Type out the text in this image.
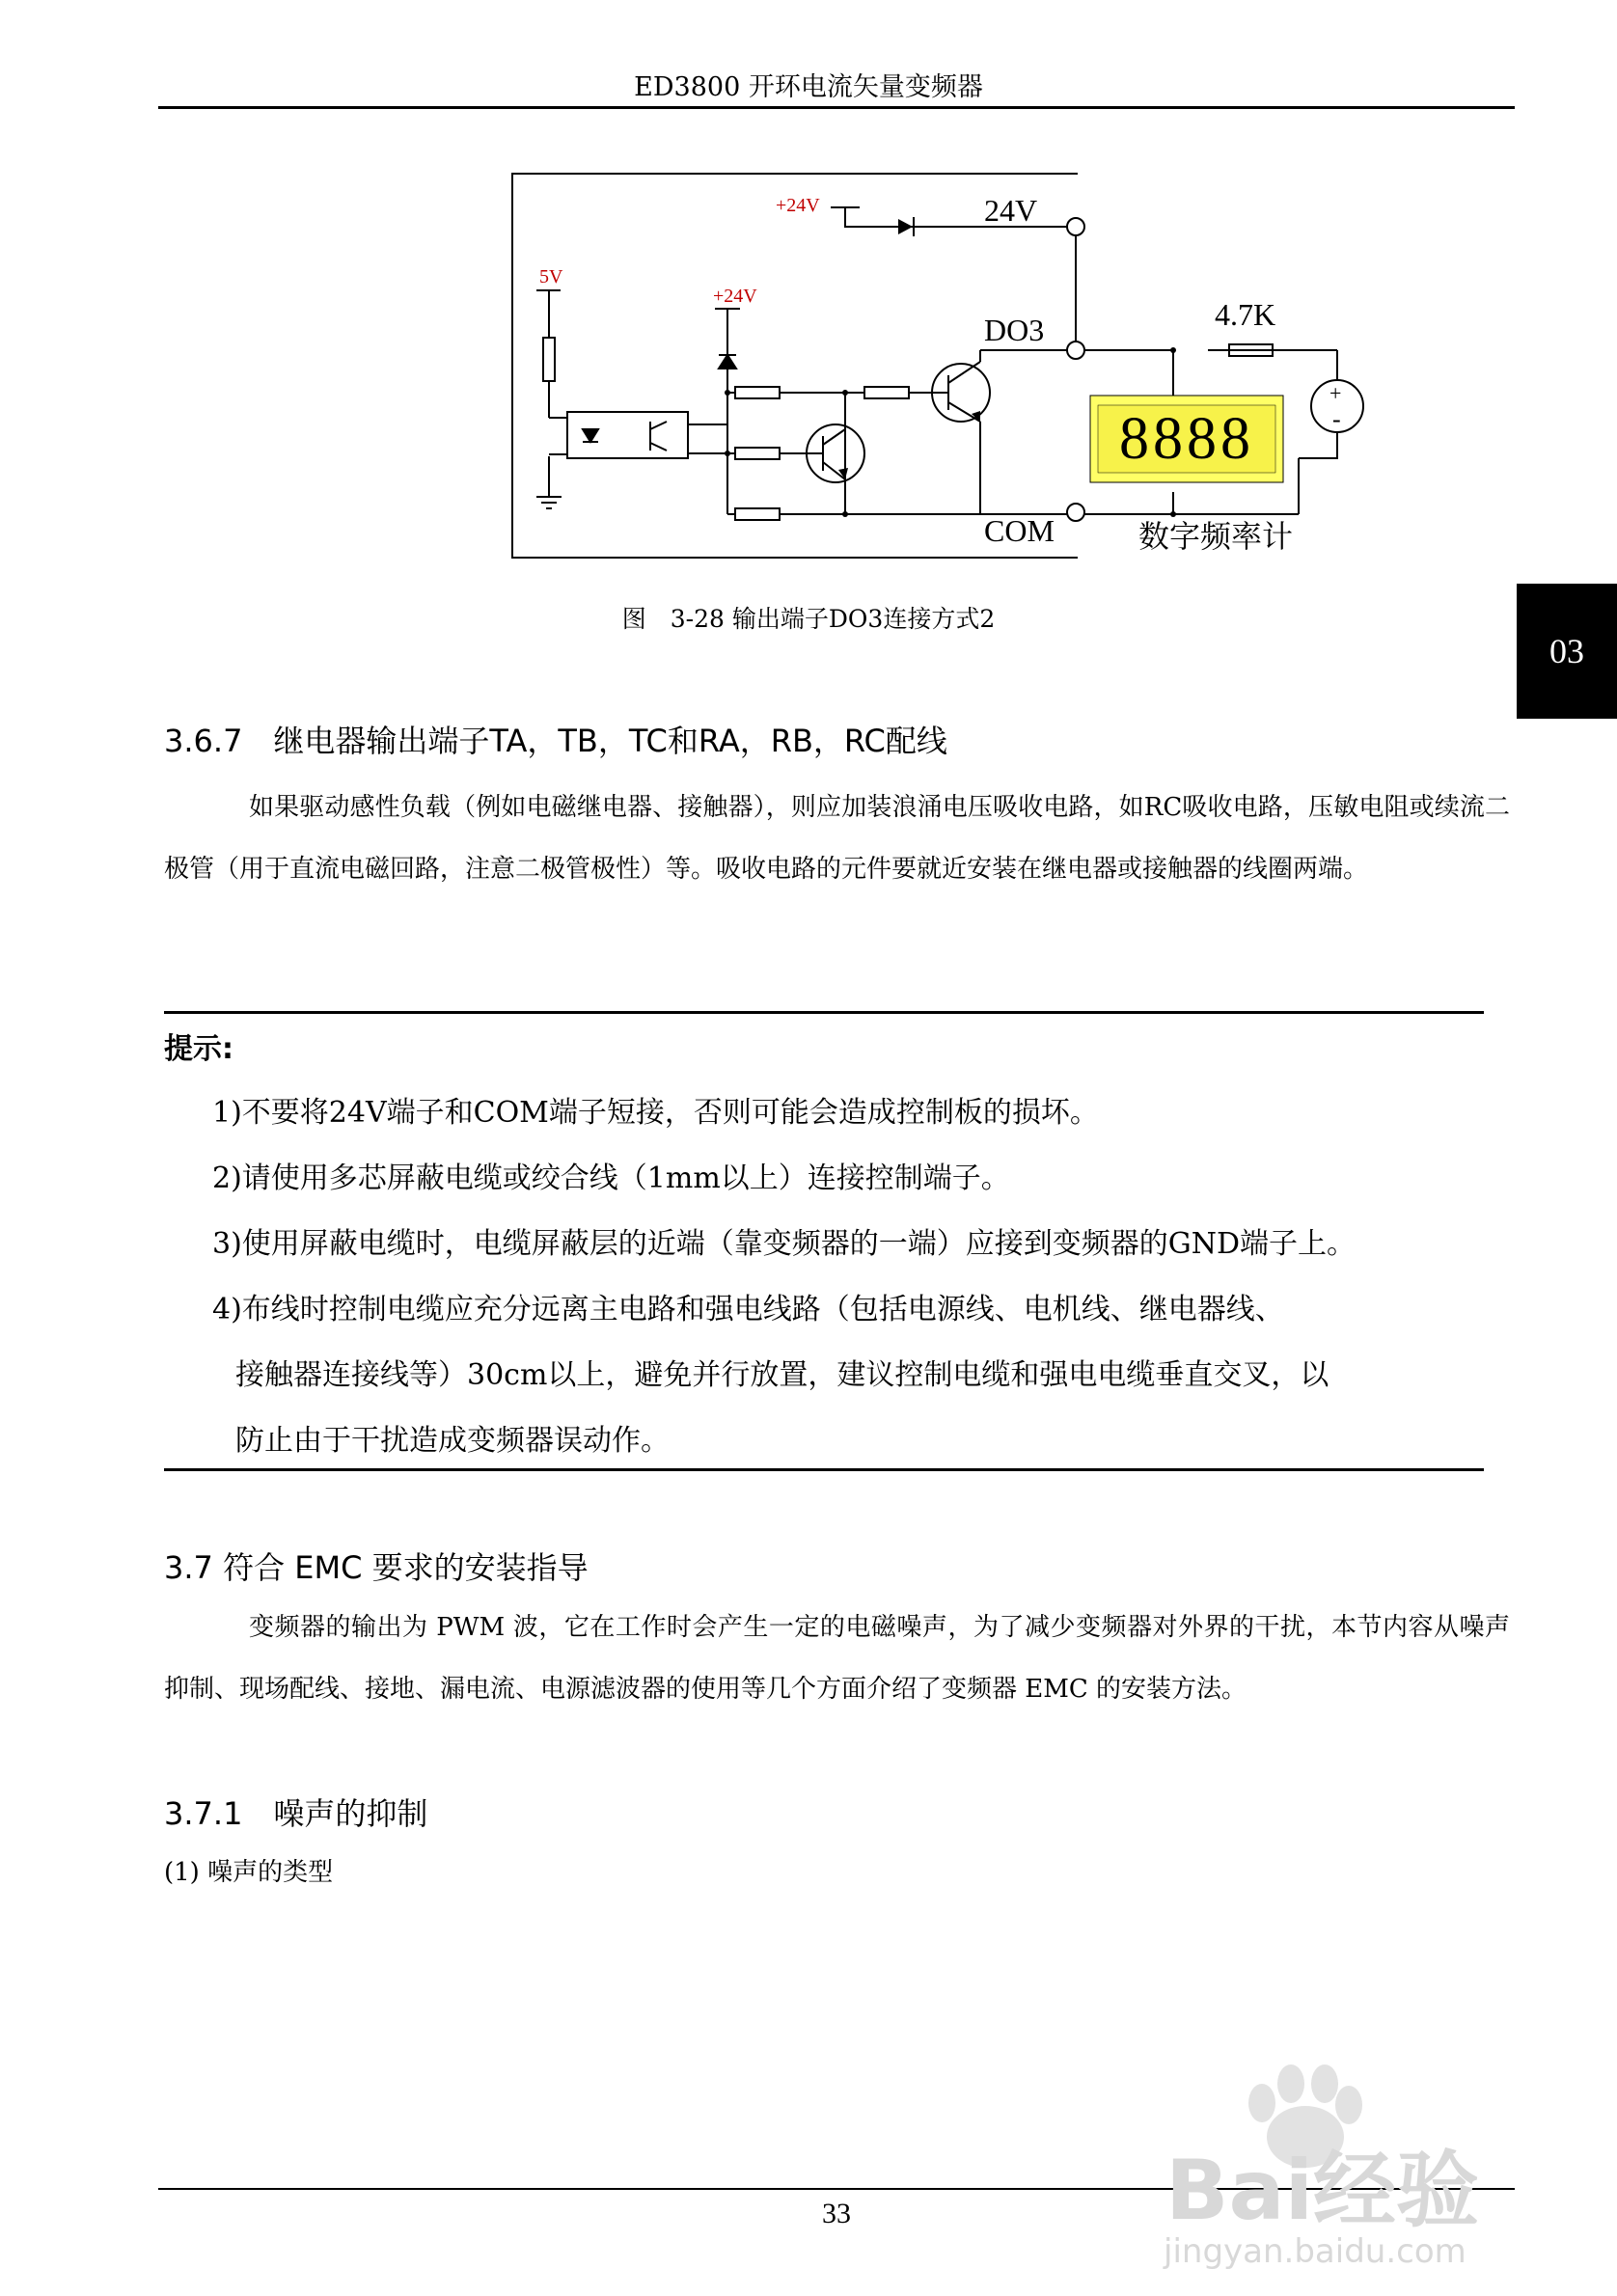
ED3800 开环电流矢量变频器
8888
+24V	24V
5V
+24V
DO3
COM
4.7K
数字频率计
+
-
图　3-28 输出端子DO3连接方式2
03
3.6.7　继电器输出端子TA，TB，TC和RA，RB，RC配线

如果驱动感性负载（例如电磁继电器、接触器），则应加装浪涌电压吸收电路，如RC吸收电路，压敏电阻或续流二极管（用于直流电磁回路，注意二极管极性）等。吸收电路的元件要就近安装在继电器或接触器的线圈两端。

提示:
1)不要将24V端子和COM端子短接，否则可能会造成控制板的损坏。
2)请使用多芯屏蔽电缆或绞合线（1mm以上）连接控制端子。
3)使用屏蔽电缆时，电缆屏蔽层的近端（靠变频器的一端）应接到变频器的GND端子上。
4)布线时控制电缆应充分远离主电路和强电线路（包括电源线、电机线、继电器线、
接触器连接线等）30cm以上，避免并行放置，建议控制电缆和强电电缆垂直交叉，以
防止由于干扰造成变频器误动作。
3.7 符合 EMC 要求的安装指导

变频器的输出为 PWM 波，它在工作时会产生一定的电磁噪声，为了减少变频器对外界的干扰，本节内容从噪声抑制、现场配线、接地、漏电流、电源滤波器的使用等几个方面介绍了变频器 EMC 的安装方法。

3.7.1　噪声的抑制
(1) 噪声的类型
33	Bai经验
jingyan.baidu.com
